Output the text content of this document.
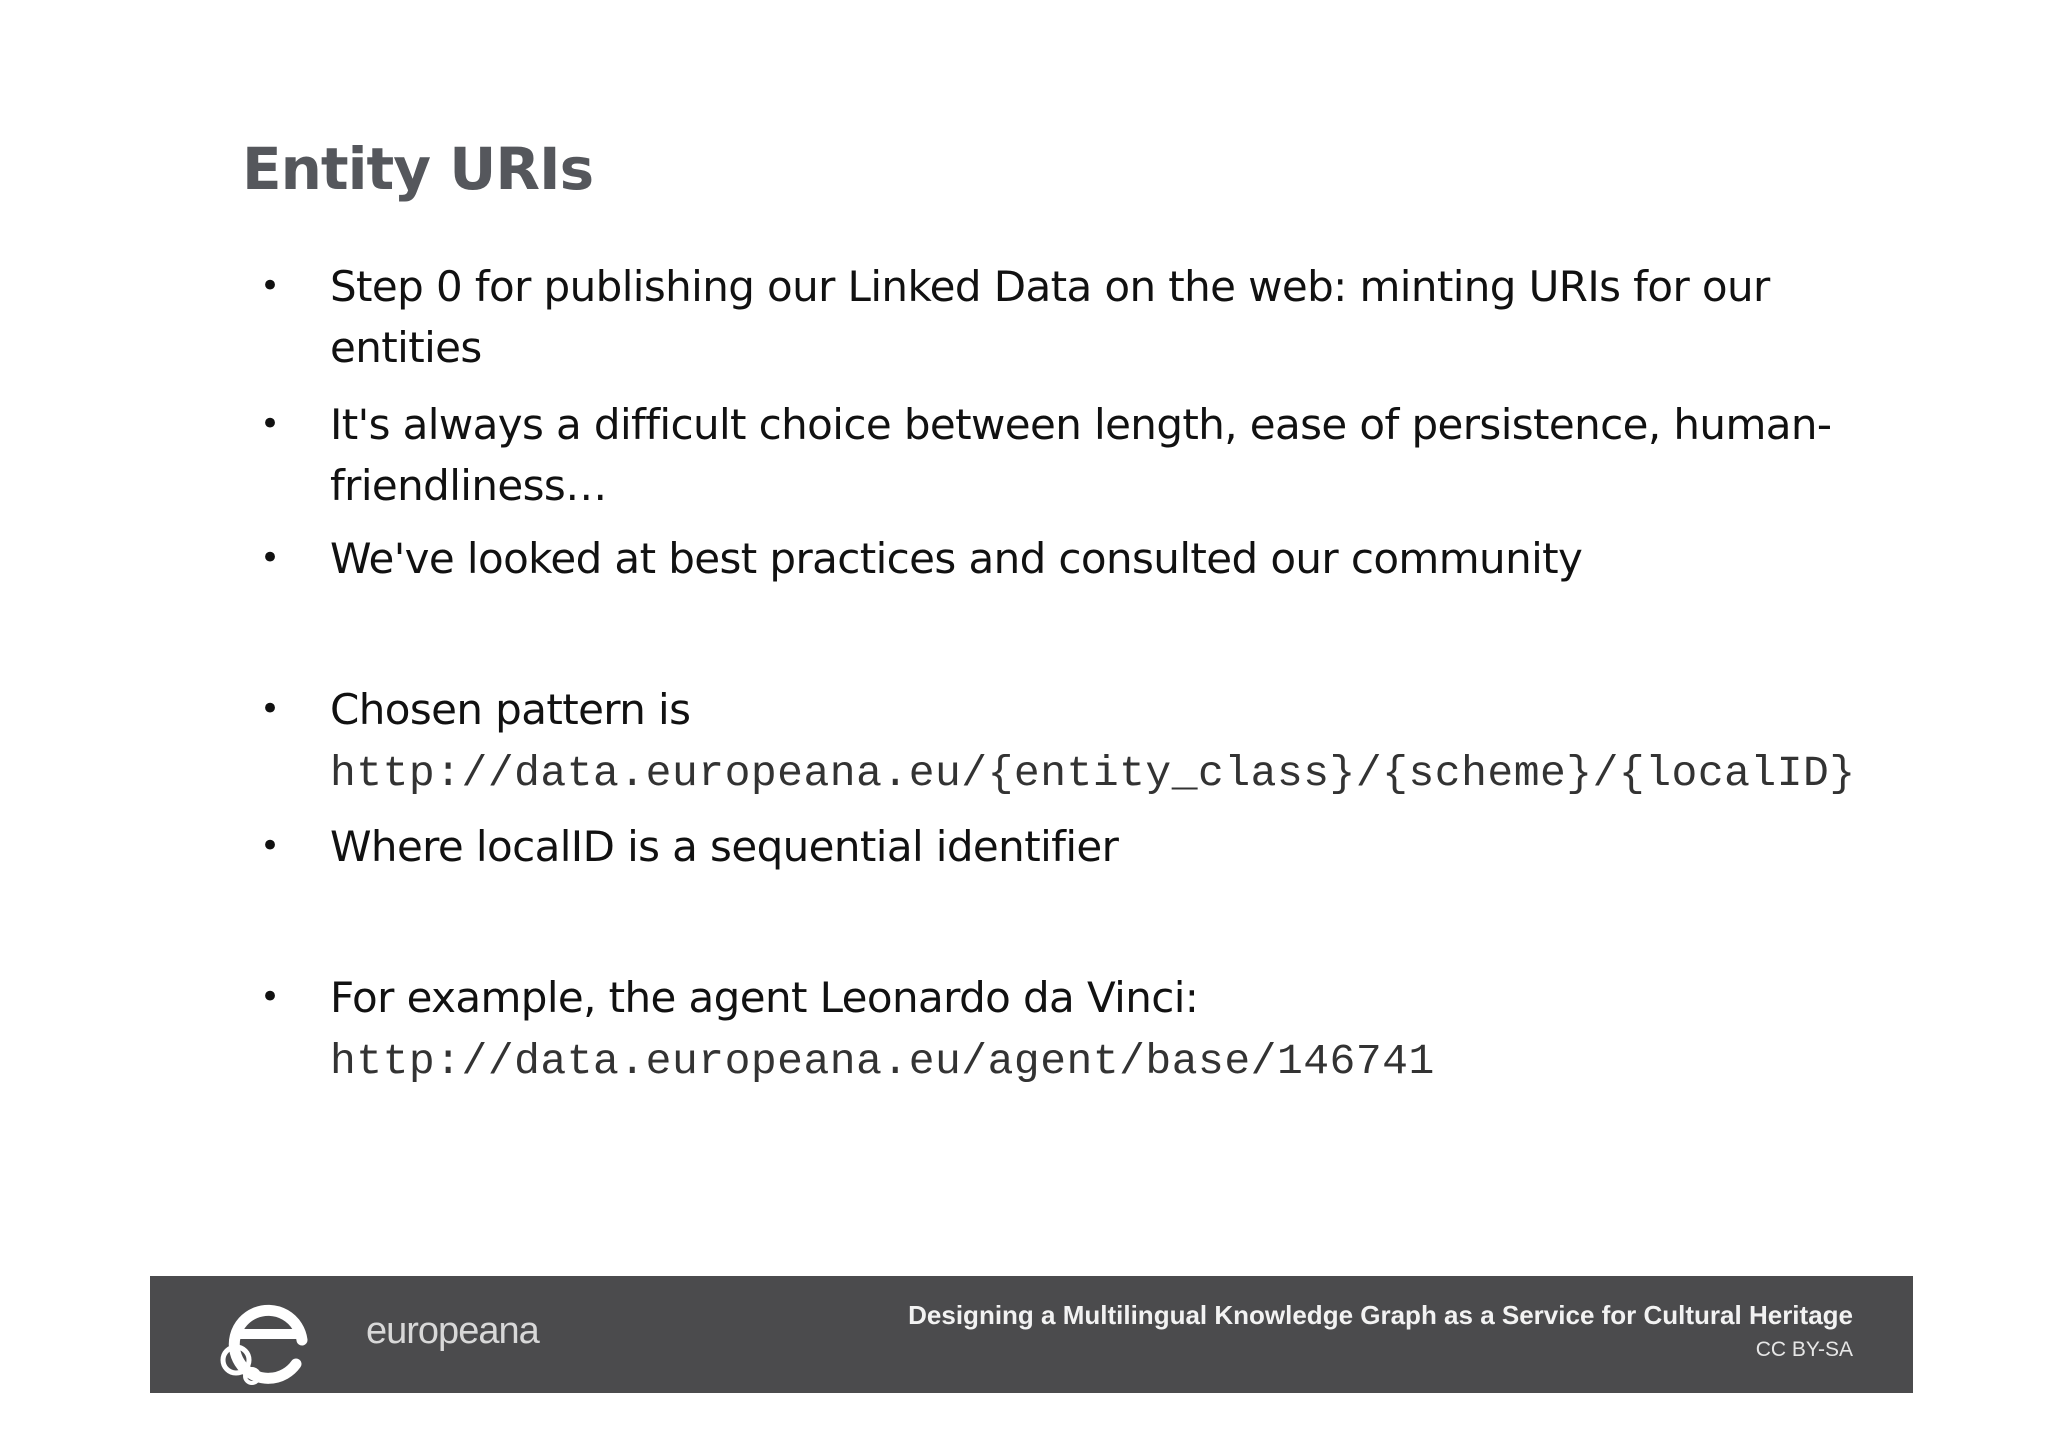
Entity URIs
• Step 0 for publishing our Linked Data on the web: minting URIs for our entities
• It's always a difficult choice between length, ease of persistence, human-friendliness…
• We've looked at best practices and consulted our community
• Chosen pattern is http://data.europeana.eu/{entity_class}/{scheme}/{localID}
• Where localID is a sequential identifier
• For example, the agent Leonardo da Vinci: http://data.europeana.eu/agent/base/146741
europeana	Designing a Multilingual Knowledge Graph as a Service for Cultural Heritage
CC BY-SA
